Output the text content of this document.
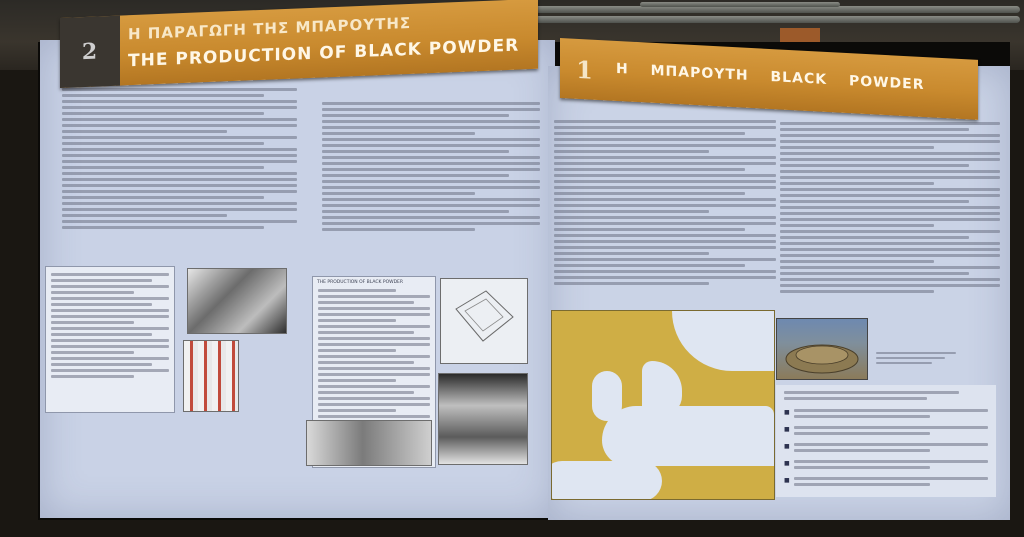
THE PRODUCTION OF BLACK POWDER
2
Η ΠΑΡΑΓΩΓΗ ΤΗΣ ΜΠΑΡΟΥΤΗΣ
THE PRODUCTION OF BLACK POWDER
■
■
■
■
■
1	Η ΜΠΑΡΟΥΤΗ BLACK POWDER
